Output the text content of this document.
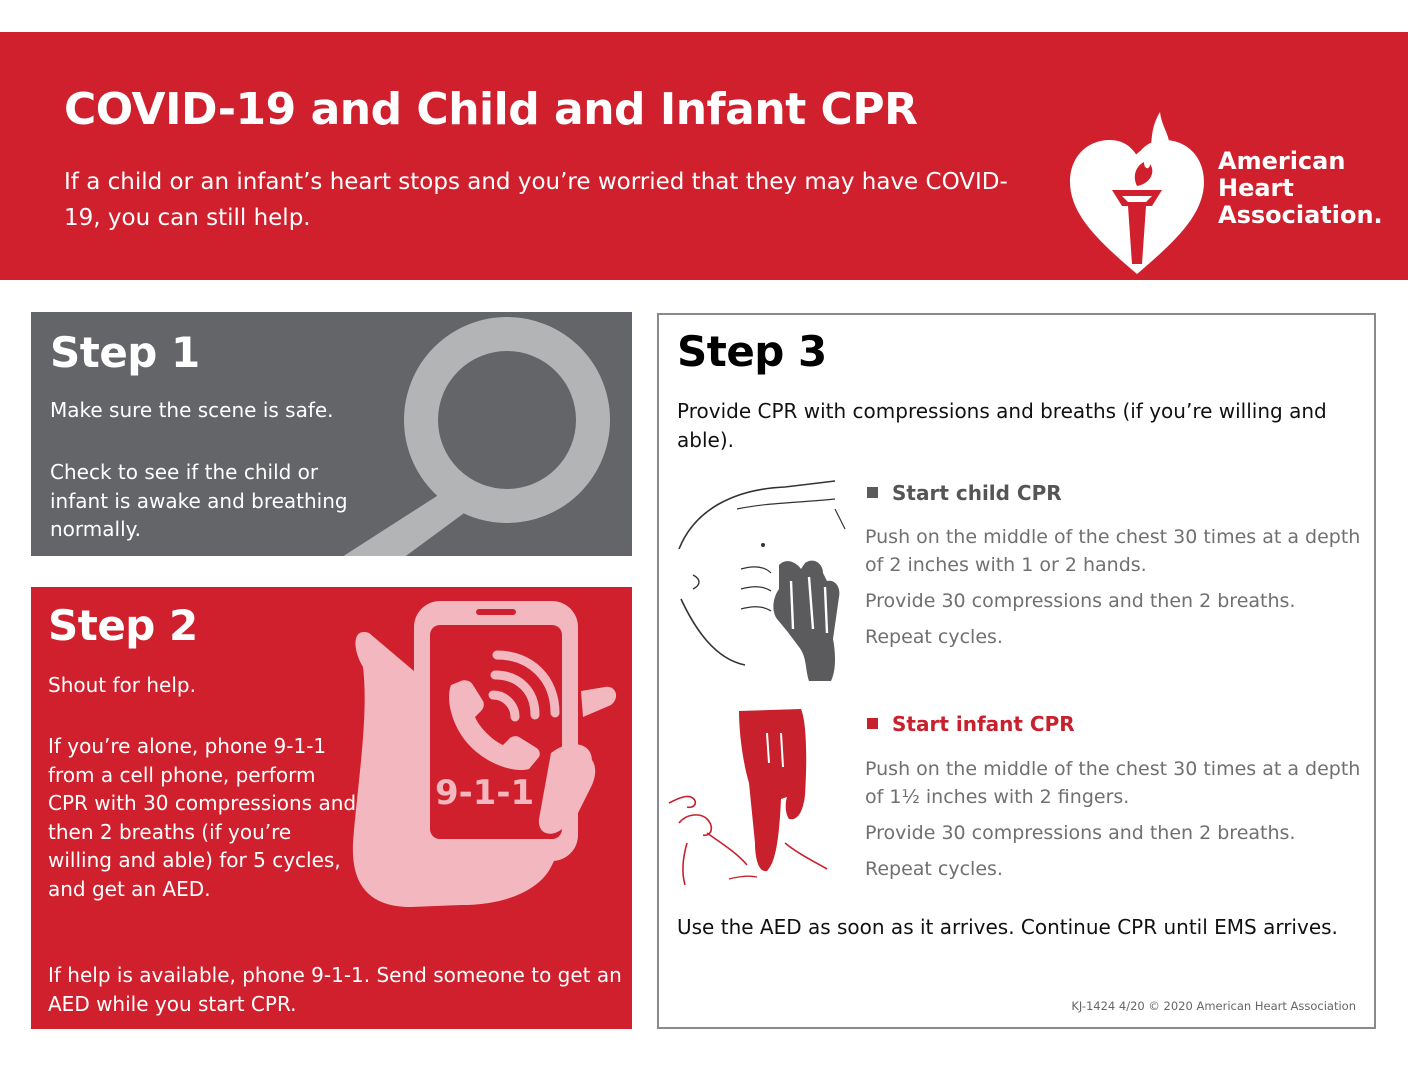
COVID-19 and Child and Infant CPR
If a child or an infant’s heart stops and you’re worried that they may have COVID-19, you can still help.
American
Heart
Association.
Step 1
Make sure the scene is safe.
Check to see if the child or infant is awake and breathing normally.
9-1-1
Step 2
Shout for help.
If you’re alone, phone 9-1-1 from a cell phone, perform CPR with 30 compressions and then 2 breaths (if you’re willing and able) for 5 cycles, and get an AED.
If help is available, phone 9-1-1. Send someone to get an AED while you start CPR.
Step 3
Provide CPR with compressions and breaths (if you’re willing and able).
Start child CPR
Push on the middle of the chest 30 times at a depth of 2 inches with 1 or 2 hands.
Provide 30 compressions and then 2 breaths.
Repeat cycles.
Start infant CPR
Push on the middle of the chest 30 times at a depth of 1½ inches with 2 fingers.
Provide 30 compressions and then 2 breaths.
Repeat cycles.
Use the AED as soon as it arrives. Continue CPR until EMS arrives.
KJ-1424 4/20 © 2020 American Heart Association
